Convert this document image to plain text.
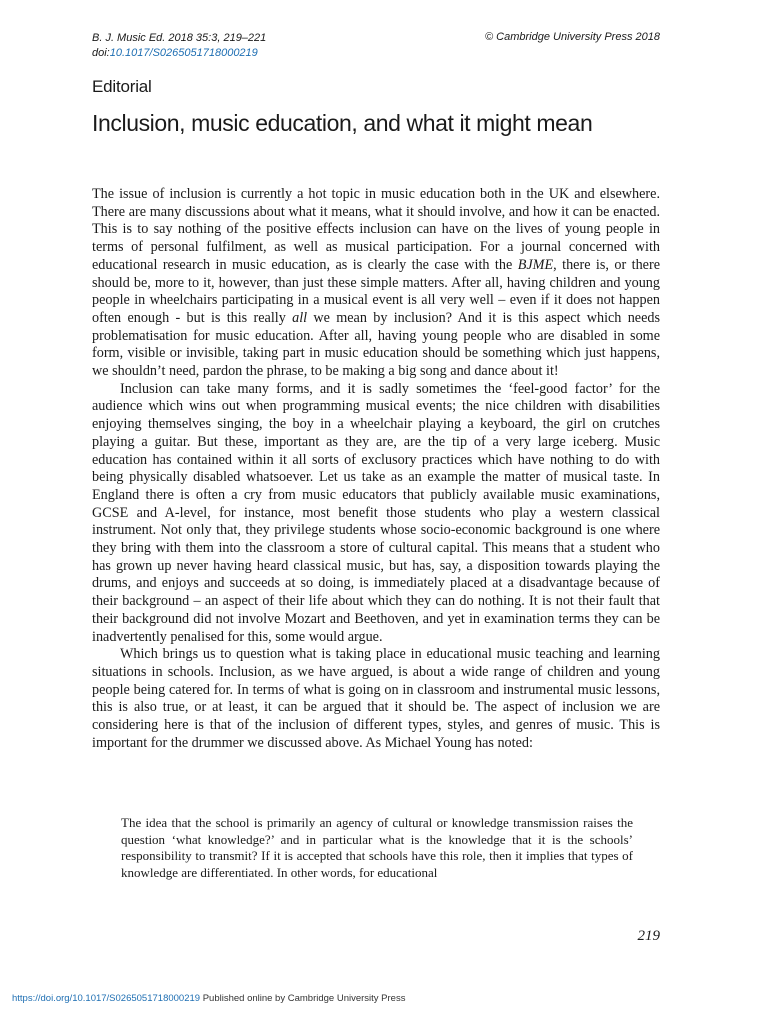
B. J. Music Ed. 2018 35:3, 219–221
doi:10.1017/S0265051718000219
© Cambridge University Press 2018
Editorial
Inclusion, music education, and what it might mean

The issue of inclusion is currently a hot topic in music education both in the UK and elsewhere. There are many discussions about what it means, what it should involve, and how it can be enacted. This is to say nothing of the positive effects inclusion can have on the lives of young people in terms of personal fulfilment, as well as musical participation. For a journal concerned with educational research in music education, as is clearly the case with the BJME, there is, or there should be, more to it, however, than just these simple matters. After all, having children and young people in wheelchairs participating in a musical event is all very well – even if it does not happen often enough - but is this really all we mean by inclusion? And it is this aspect which needs problematisation for music education. After all, having young people who are disabled in some form, visible or invisible, taking part in music education should be something which just happens, we shouldn’t need, pardon the phrase, to be making a big song and dance about it!

Inclusion can take many forms, and it is sadly sometimes the ‘feel-good factor’ for the audience which wins out when programming musical events; the nice children with disabilities enjoying themselves singing, the boy in a wheelchair playing a keyboard, the girl on crutches playing a guitar. But these, important as they are, are the tip of a very large iceberg. Music education has contained within it all sorts of exclusory practices which have nothing to do with being physically disabled whatsoever. Let us take as an example the matter of musical taste. In England there is often a cry from music educators that publicly available music examinations, GCSE and A-level, for instance, most benefit those students who play a western classical instrument. Not only that, they privilege students whose socio-economic background is one where they bring with them into the classroom a store of cultural capital. This means that a student who has grown up never having heard classical music, but has, say, a disposition towards playing the drums, and enjoys and succeeds at so doing, is immediately placed at a disadvantage because of their background – an aspect of their life about which they can do nothing. It is not their fault that their background did not involve Mozart and Beethoven, and yet in examination terms they can be inadvertently penalised for this, some would argue.

Which brings us to question what is taking place in educational music teaching and learning situations in schools. Inclusion, as we have argued, is about a wide range of children and young people being catered for. In terms of what is going on in classroom and instrumental music lessons, this is also true, or at least, it can be argued that it should be. The aspect of inclusion we are considering here is that of the inclusion of different types, styles, and genres of music. This is important for the drummer we discussed above. As Michael Young has noted:

The idea that the school is primarily an agency of cultural or knowledge transmission raises the question ‘what knowledge?’ and in particular what is the knowledge that it is the schools’ responsibility to transmit? If it is accepted that schools have this role, then it implies that types of knowledge are differentiated. In other words, for educational
219
https://doi.org/10.1017/S0265051718000219 Published online by Cambridge University Press
